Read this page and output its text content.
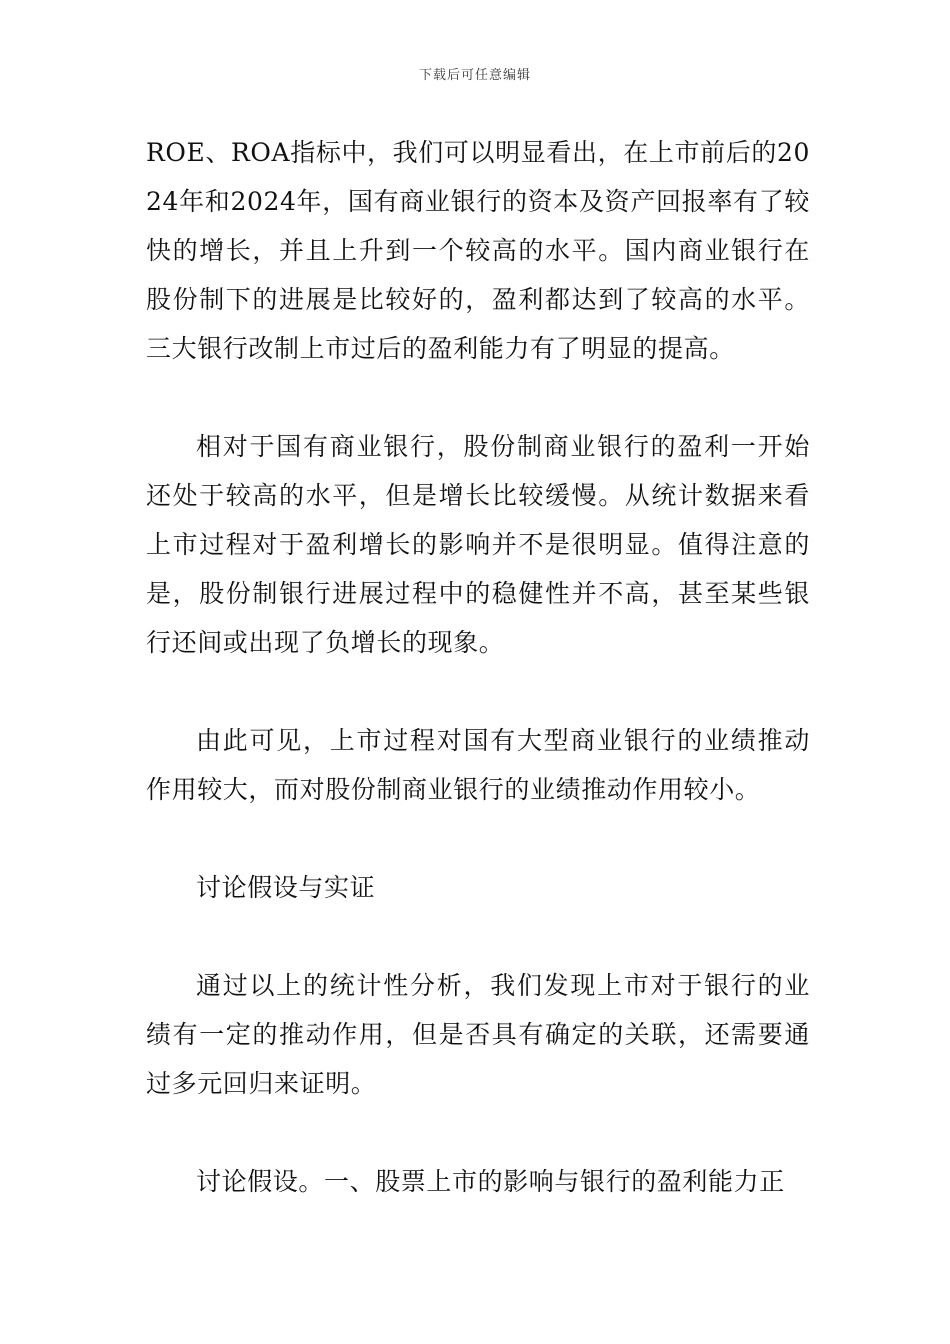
下载后可任意编辑

ROE、ROA指标中，我们可以明显看出，在上市前后的2024年和2024年，国有商业银行的资本及资产回报率有了较快的增长，并且上升到一个较高的水平。国内商业银行在股份制下的进展是比较好的，盈利都达到了较高的水平。三大银行改制上市过后的盈利能力有了明显的提高。

相对于国有商业银行，股份制商业银行的盈利一开始还处于较高的水平，但是增长比较缓慢。从统计数据来看上市过程对于盈利增长的影响并不是很明显。值得注意的是，股份制银行进展过程中的稳健性并不高，甚至某些银行还间或出现了负增长的现象。

由此可见，上市过程对国有大型商业银行的业绩推动作用较大，而对股份制商业银行的业绩推动作用较小。

讨论假设与实证

通过以上的统计性分析，我们发现上市对于银行的业绩有一定的推动作用，但是否具有确定的关联，还需要通过多元回归来证明。

讨论假设。一、股票上市的影响与银行的盈利能力正
